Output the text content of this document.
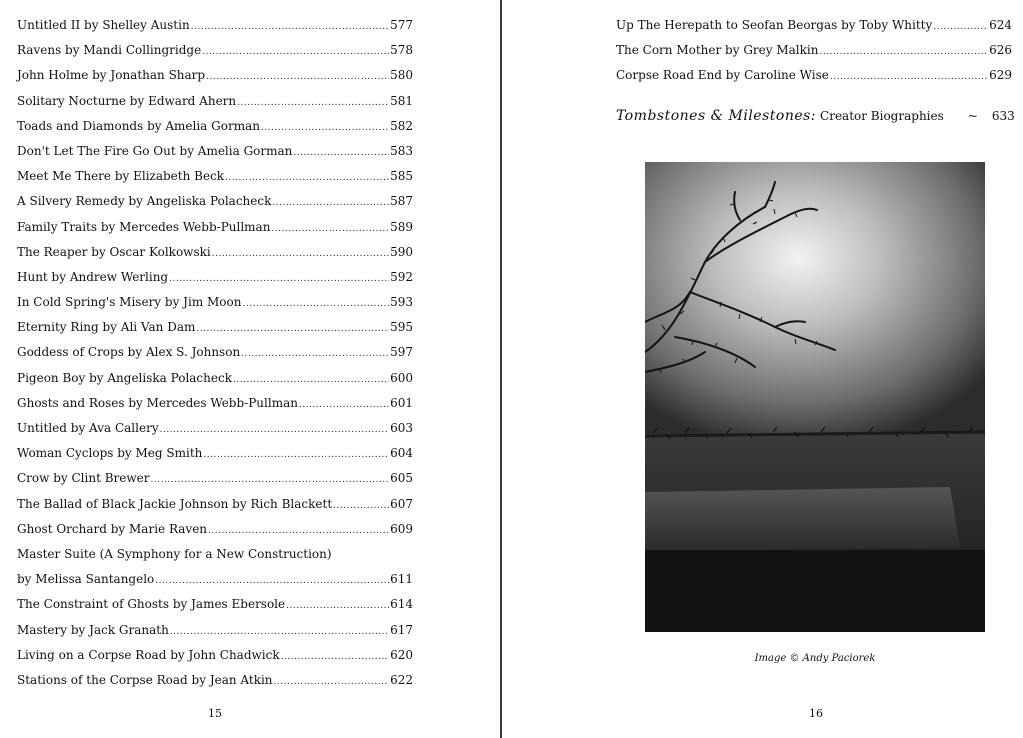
Untitled II by Shelley Austin .....	577
Ravens by Mandi Collingridge .....	578
John Holme by Jonathan Sharp .....	580
Solitary Nocturne by Edward Ahern .....	581
Toads and Diamonds by Amelia Gorman .....	582
Don't Let The Fire Go Out by Amelia Gorman .....	583
Meet Me There by Elizabeth Beck .....	585
A Silvery Remedy by Angeliska Polacheck .....	587
Family Traits by Mercedes Webb-Pullman .....	589
The Reaper by Oscar Kolkowski .....	590
Hunt by Andrew Werling .....	592
In Cold Spring's Misery by Jim Moon .....	593
Eternity Ring by Ali Van Dam .....	595
Goddess of Crops by Alex S. Johnson .....	597
Pigeon Boy by Angeliska Polacheck .....	600
Ghosts and Roses by Mercedes Webb-Pullman .....	601
Untitled by Ava Callery .....	603
Woman Cyclops by Meg Smith .....	604
Crow by Clint Brewer .....	605
The Ballad of Black Jackie Johnson by Rich Blackett .....	607
Ghost Orchard by Marie Raven .....	609
Master Suite (A Symphony for a New Construction)
by Melissa Santangelo .....	611
The Constraint of Ghosts by James Ebersole .....	614
Mastery by Jack Granath .....	617
Living on a Corpse Road by John Chadwick .....	620
Stations of the Corpse Road by Jean Atkin .....	622
15
Up The Herepath to Seofan Beorgas by Toby Whitty .....	624
The Corn Mother by Grey Malkin .....	626
Corpse Road End by Caroline Wise .....	629
Tombstones & Milestones: Creator Biographies ~ 633
Image © Andy Paciorek
16
